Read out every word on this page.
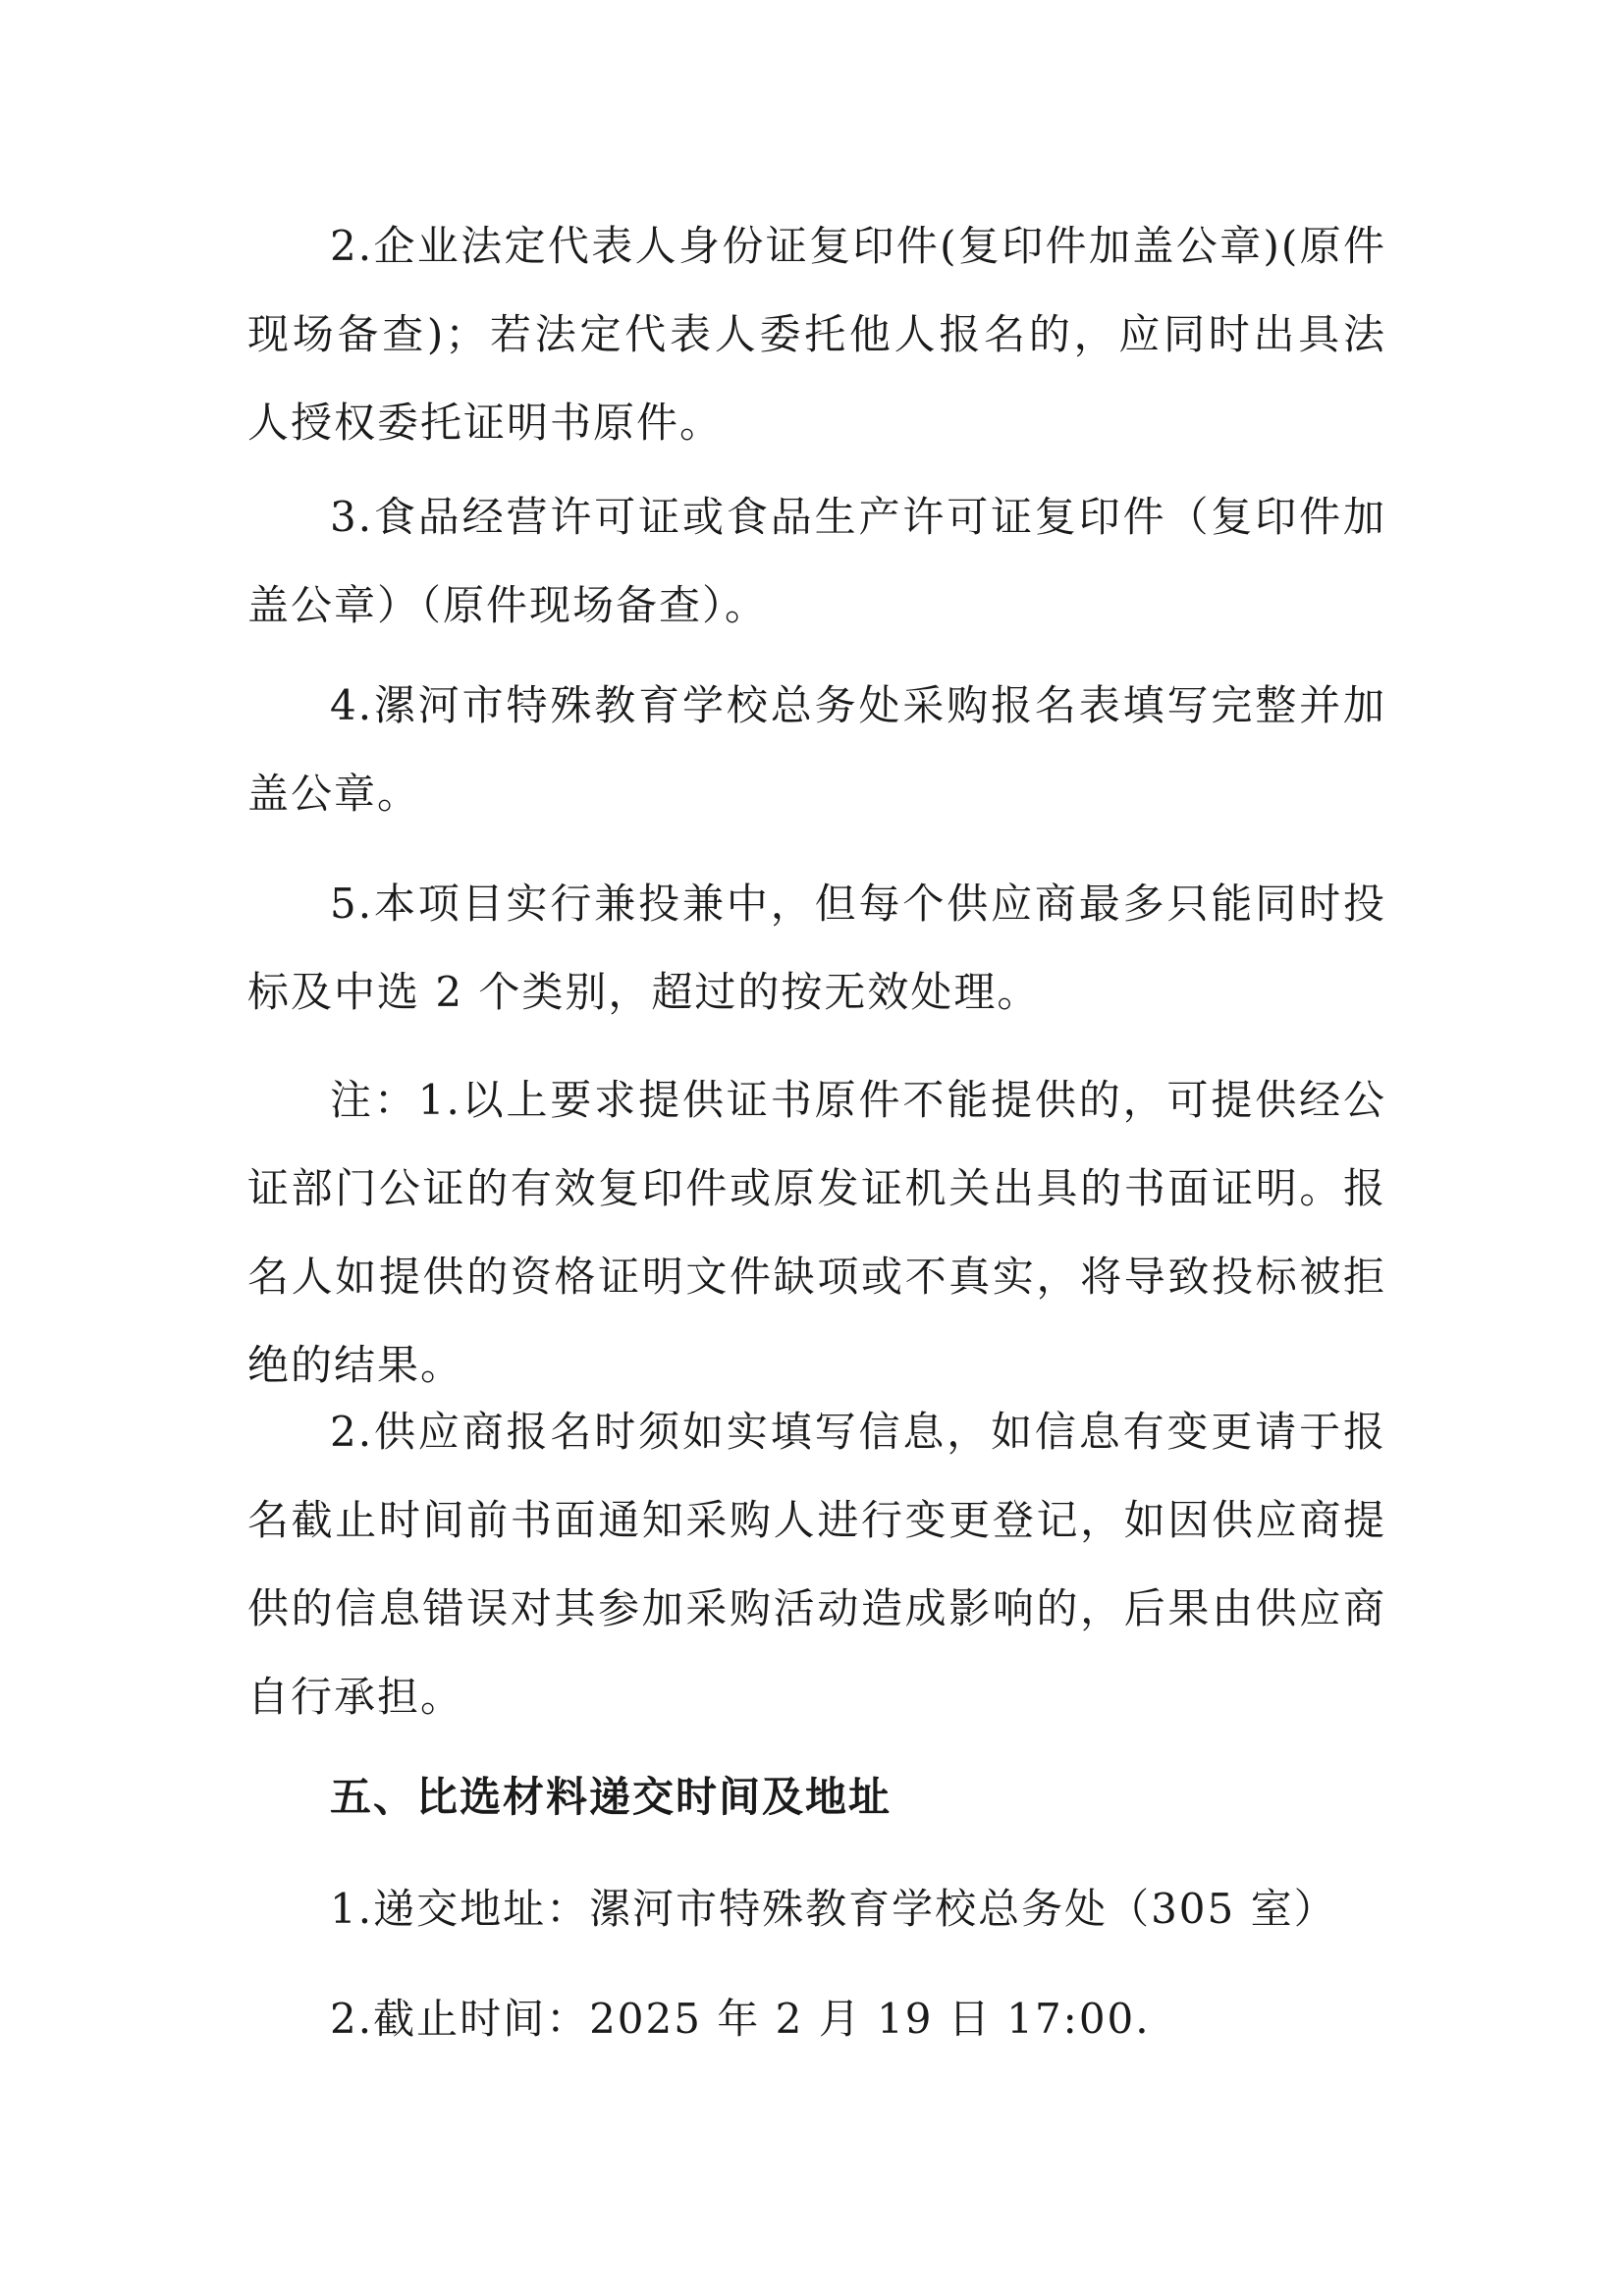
2.企业法定代表人身份证复印件(复印件加盖公章)(原件现场备查)；若法定代表人委托他人报名的，应同时出具法人授权委托证明书原件。

3.食品经营许可证或食品生产许可证复印件（复印件加盖公章）（原件现场备查）。

4.漯河市特殊教育学校总务处采购报名表填写完整并加盖公章。

5.本项目实行兼投兼中，但每个供应商最多只能同时投标及中选 2 个类别，超过的按无效处理。

注：1.以上要求提供证书原件不能提供的，可提供经公证部门公证的有效复印件或原发证机关出具的书面证明。报名人如提供的资格证明文件缺项或不真实，将导致投标被拒绝的结果。

2.供应商报名时须如实填写信息，如信息有变更请于报名截止时间前书面通知采购人进行变更登记，如因供应商提供的信息错误对其参加采购活动造成影响的，后果由供应商自行承担。

五、比选材料递交时间及地址

1.递交地址：漯河市特殊教育学校总务处（305 室）

2.截止时间：2025 年 2 月 19 日 17:00.
